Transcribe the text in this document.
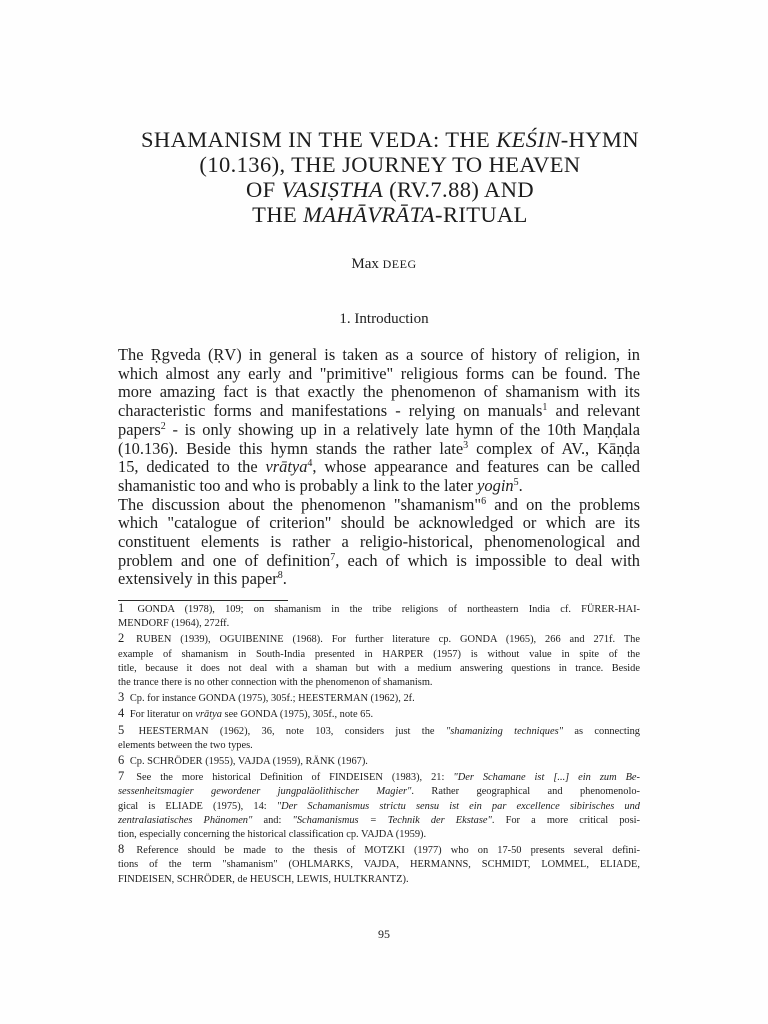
SHAMANISM IN THE VEDA: THE KEŚIN-HYMN
(10.136), THE JOURNEY TO HEAVEN
OF VASIṢTHA (RV.7.88) AND
THE MAHĀVRĀTA-RITUAL
Max DEEG
1. Introduction
The Ṛgveda (ṚV) in general is taken as a source of history of religion, in
which almost any early and "primitive" religious forms can be found. The
more amazing fact is that exactly the phenomenon of shamanism with its
characteristic forms and manifestations - relying on manuals$^1$ and relevant
papers$^2$ - is only showing up in a relatively late hymn of the 10th Maṇḍala
(10.136). Beside this hymn stands the rather late$^3$ complex of AV., Kāṇḍa
15, dedicated to the vrātya$^4$, whose appearance and features can be called
shamanistic too and who is probably a link to the later yogin$^5$.
The discussion about the phenomenon "shamanism"$^6$ and on the problems
which "catalogue of criterion" should be acknowledged or which are its
constituent elements is rather a religio-historical, phenomenological and
problem and one of definition$^7$, each of which is impossible to deal with
extensively in this paper$^8$.
1 GONDA (1978), 109; on shamanism in the tribe religions of northeastern India cf. FÜRER-HAI-
MENDORF (1964), 272ff.
2 RUBEN (1939), OGUIBENINE (1968). For further literature cp. GONDA (1965), 266 and 271f. The
example of shamanism in South-India presented in HARPER (1957) is without value in spite of the
title, because it does not deal with a shaman but with a medium answering questions in trance. Beside
the trance there is no other connection with the phenomenon of shamanism.
3 Cp. for instance GONDA (1975), 305f.; HEESTERMAN (1962), 2f.
4 For literatur on vrātya see GONDA (1975), 305f., note 65.
5 HEESTERMAN (1962), 36, note 103, considers just the "shamanizing techniques" as connecting
elements between the two types.
6 Cp. SCHRÖDER (1955), VAJDA (1959), RÄNK (1967).
7 See the more historical Definition of FINDEISEN (1983), 21: "Der Schamane ist [...] ein zum Be-
sessenheitsmagier gewordener jungpaläolithischer Magier". Rather geographical and phenomenolo-
gical is ELIADE (1975), 14: "Der Schamanismus strictu sensu ist ein par excellence sibirisches und
zentralasiatisches Phänomen" and: "Schamanismus = Technik der Ekstase". For a more critical posi-
tion, especially concerning the historical classification cp. VAJDA (1959).
8 Reference should be made to the thesis of MOTZKI (1977) who on 17-50 presents several defini-
tions of the term "shamanism" (OHLMARKS, VAJDA, HERMANNS, SCHMIDT, LOMMEL, ELIADE,
FINDEISEN, SCHRÖDER, de HEUSCH, LEWIS, HULTKRANTZ).
95
